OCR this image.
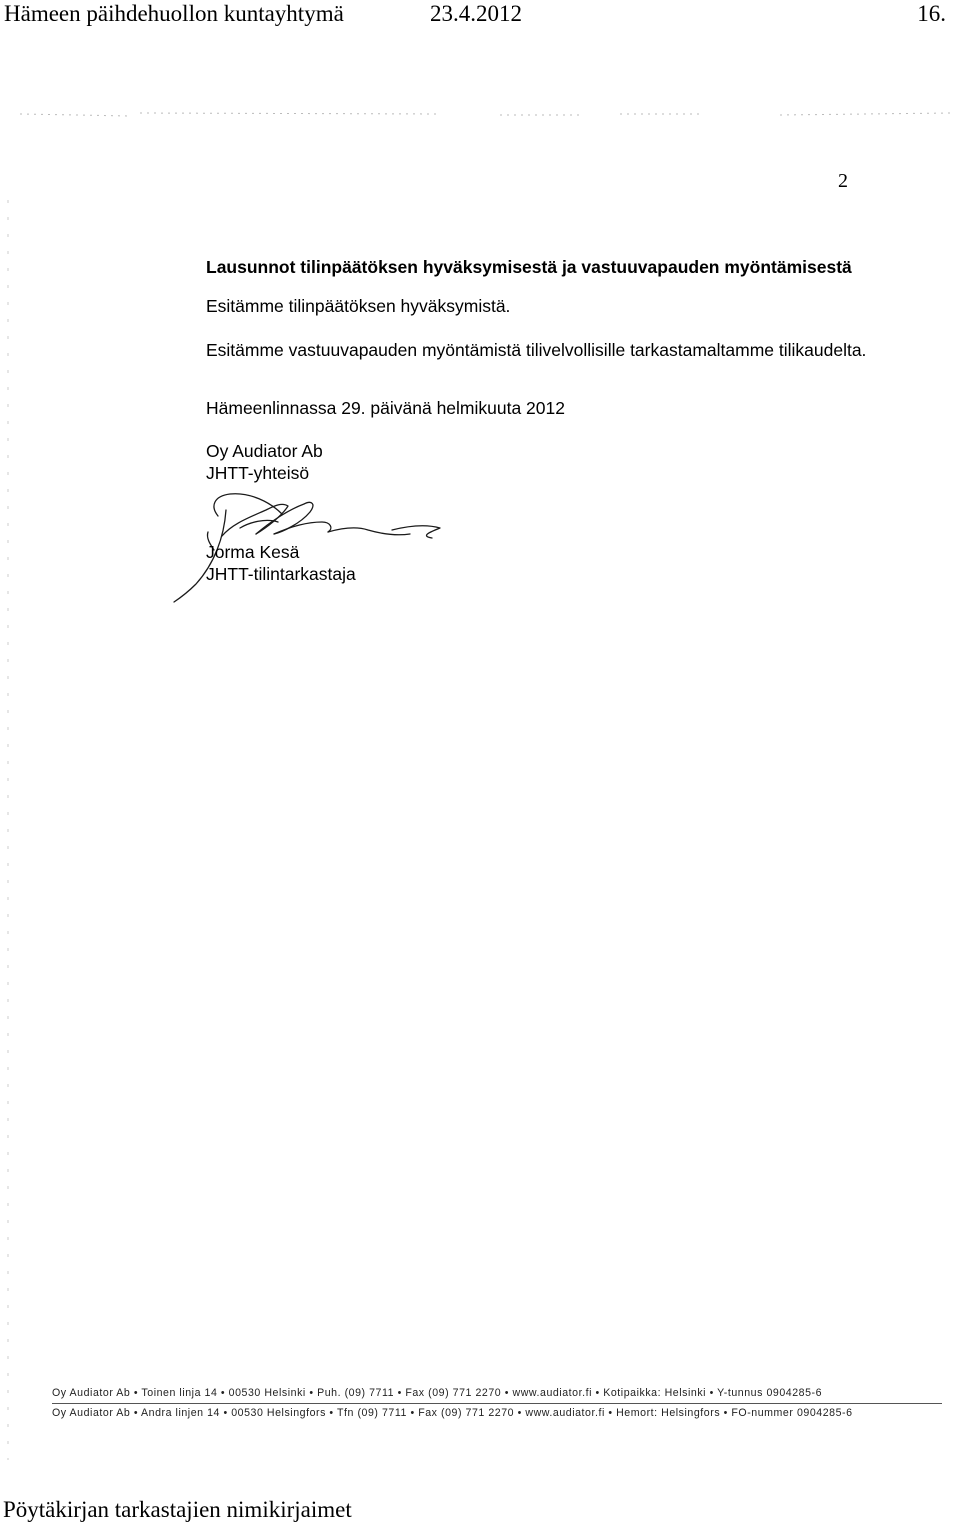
Hämeen päihdehuollon kuntayhtymä	23.4.2012	16.
2
Lausunnot tilinpäätöksen hyväksymisestä ja vastuuvapauden myöntämisestä
Esitämme tilinpäätöksen hyväksymistä.
Esitämme vastuuvapauden myöntämistä tilivelvollisille tarkastamaltamme tilikaudelta.
Hämeenlinnassa 29. päivänä helmikuuta 2012
Oy Audiator Ab
JHTT-yhteisö
Jorma Kesä
JHTT-tilintarkastaja
Oy Audiator Ab • Toinen linja 14 • 00530 Helsinki • Puh. (09) 7711 • Fax (09) 771 2270 • www.audiator.fi • Kotipaikka: Helsinki • Y-tunnus 0904285-6
Oy Audiator Ab • Andra linjen 14 • 00530 Helsingfors • Tfn (09) 7711 • Fax (09) 771 2270 • www.audiator.fi • Hemort: Helsingfors • FO-nummer 0904285-6
Pöytäkirjan tarkastajien nimikirjaimet
